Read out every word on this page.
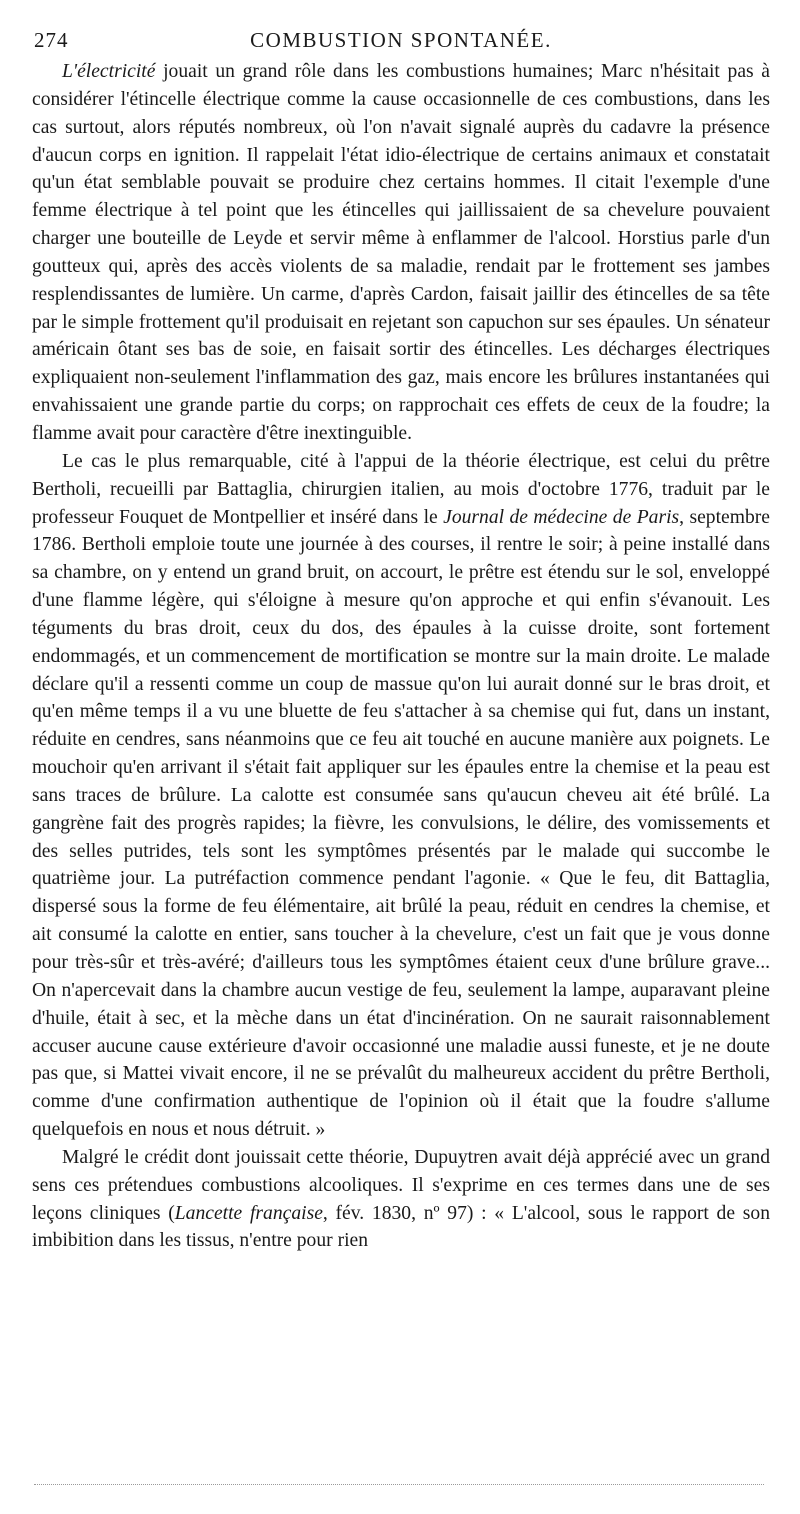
274	COMBUSTION SPONTANÉE.

L'électricité jouait un grand rôle dans les combustions humaines; Marc n'hésitait pas à considérer l'étincelle électrique comme la cause occasionnelle de ces combustions, dans les cas surtout, alors réputés nombreux, où l'on n'avait signalé auprès du cadavre la présence d'aucun corps en ignition. Il rappelait l'état idio-électrique de certains animaux et constatait qu'un état semblable pouvait se produire chez certains hommes. Il citait l'exemple d'une femme électrique à tel point que les étincelles qui jaillissaient de sa chevelure pouvaient charger une bouteille de Leyde et servir même à enflammer de l'alcool. Horstius parle d'un goutteux qui, après des accès violents de sa maladie, rendait par le frottement ses jambes resplendissantes de lumière. Un carme, d'après Cardon, faisait jaillir des étincelles de sa tête par le simple frottement qu'il produisait en rejetant son capuchon sur ses épaules. Un sénateur américain ôtant ses bas de soie, en faisait sortir des étincelles. Les décharges électriques expliquaient non-seulement l'inflammation des gaz, mais encore les brûlures instantanées qui envahissaient une grande partie du corps; on rapprochait ces effets de ceux de la foudre; la flamme avait pour caractère d'être inextinguible.

Le cas le plus remarquable, cité à l'appui de la théorie électrique, est celui du prêtre Bertholi, recueilli par Battaglia, chirurgien italien, au mois d'octobre 1776, traduit par le professeur Fouquet de Montpellier et inséré dans le Journal de médecine de Paris, septembre 1786. Bertholi emploie toute une journée à des courses, il rentre le soir; à peine installé dans sa chambre, on y entend un grand bruit, on accourt, le prêtre est étendu sur le sol, enveloppé d'une flamme légère, qui s'éloigne à mesure qu'on approche et qui enfin s'évanouit. Les téguments du bras droit, ceux du dos, des épaules à la cuisse droite, sont fortement endommagés, et un commencement de mortification se montre sur la main droite. Le malade déclare qu'il a ressenti comme un coup de massue qu'on lui aurait donné sur le bras droit, et qu'en même temps il a vu une bluette de feu s'attacher à sa chemise qui fut, dans un instant, réduite en cendres, sans néanmoins que ce feu ait touché en aucune manière aux poignets. Le mouchoir qu'en arrivant il s'était fait appliquer sur les épaules entre la chemise et la peau est sans traces de brûlure. La calotte est consumée sans qu'aucun cheveu ait été brûlé. La gangrène fait des progrès rapides; la fièvre, les convulsions, le délire, des vomissements et des selles putrides, tels sont les symptômes présentés par le malade qui succombe le quatrième jour. La putréfaction commence pendant l'agonie. « Que le feu, dit Battaglia, dispersé sous la forme de feu élémentaire, ait brûlé la peau, réduit en cendres la chemise, et ait consumé la calotte en entier, sans toucher à la chevelure, c'est un fait que je vous donne pour très-sûr et très-avéré; d'ailleurs tous les symptômes étaient ceux d'une brûlure grave... On n'apercevait dans la chambre aucun vestige de feu, seulement la lampe, auparavant pleine d'huile, était à sec, et la mèche dans un état d'incinération. On ne saurait raisonnablement accuser aucune cause extérieure d'avoir occasionné une maladie aussi funeste, et je ne doute pas que, si Mattei vivait encore, il ne se prévalût du malheureux accident du prêtre Bertholi, comme d'une confirmation authentique de l'opinion où il était que la foudre s'allume quelquefois en nous et nous détruit. »

Malgré le crédit dont jouissait cette théorie, Dupuytren avait déjà apprécié avec un grand sens ces prétendues combustions alcooliques. Il s'exprime en ces termes dans une de ses leçons cliniques (Lancette française, fév. 1830, nº 97) : « L'alcool, sous le rapport de son imbibition dans les tissus, n'entre pour rien
